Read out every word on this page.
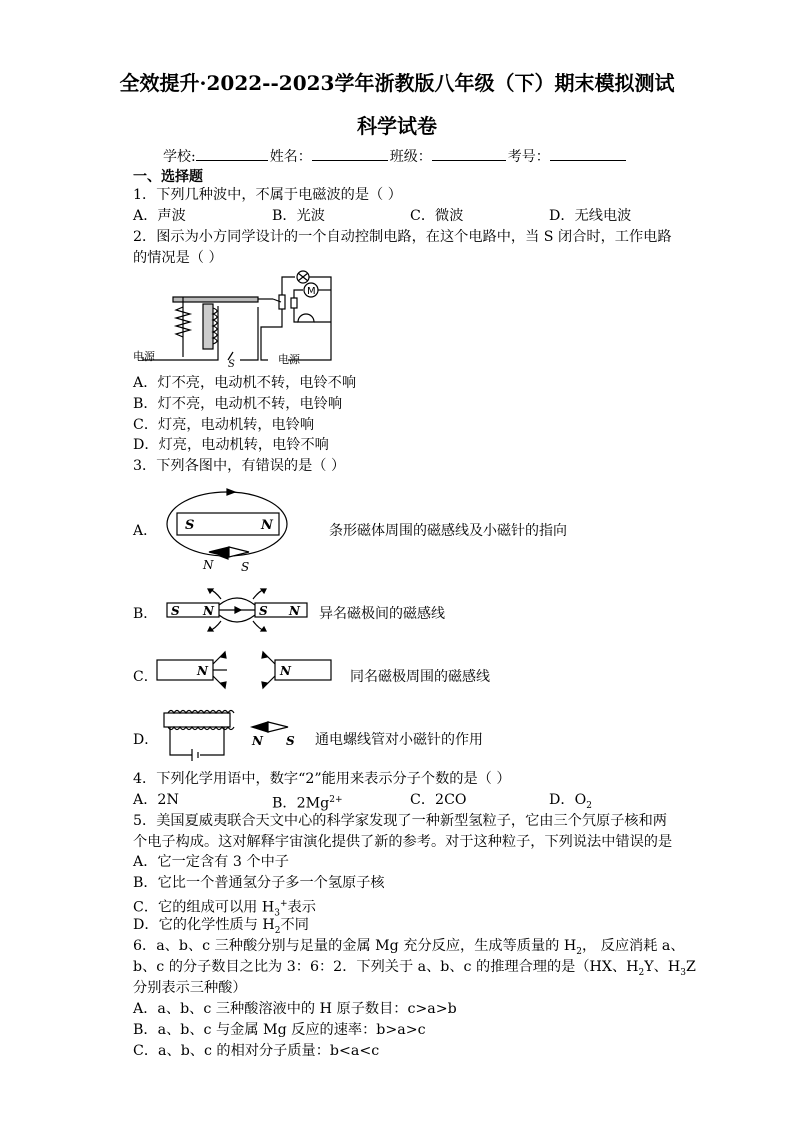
全效提升·2022--2023学年浙教版八年级（下）期末模拟测试
科学试卷
学校:	姓名：	班级：	考号：
一、选择题
1．下列几种波中，不属于电磁波的是（ ）
A．声波	B．光波	C．微波	D．无线电波
2．图示为小方同学设计的一个自动控制电路，在这个电路中，当 S 闭合时，工作电路
的情况是（ ）
M
电源	电源
S
A．灯不亮，电动机不转，电铃不响
B．灯不亮，电动机不转，电铃响
C．灯亮，电动机转，电铃响
D．灯亮，电动机转，电铃不响
3．下列各图中，有错误的是（ ）
A． S	N
N S
条形磁体周围的磁感线及小磁针的指向
B． S N	S N 异名磁极间的磁感线
C．	N	N	同名磁极周围的磁感线
D．	N S 通电螺线管对小磁针的作用
4．下列化学用语中，数字“2”能用来表示分子个数的是（ ）
A．2N	B．$2Mg^{2+}$	C．2CO	D．$O_2$
5．美国夏威夷联合天文中心的科学家发现了一种新型氢粒子，它由三个氕原子核和两
个电子构成。这对解释宇宙演化提供了新的参考。对于这种粒子，下列说法中错误的是
A．它一定含有 3 个中子
B．它比一个普通氢分子多一个氢原子核
C．它的组成可以用 $H_3^+$表示
D．它的化学性质与 $H_2$不同
6．a、b、c 三种酸分别与足量的金属 Mg 充分反应，生成等质量的 $H_2$， 反应消耗 a、
b、c 的分子数目之比为 3：6：2．下列关于 a、b、c 的推理合理的是（HX、$H_2Y$、$H_3Z$
分别表示三种酸）
A．a、b、c 三种酸溶液中的 H 原子数目：c>a>b
B．a、b、c 与金属 Mg 反应的速率：b>a>c
C．a、b、c 的相对分子质量：b<a<c
